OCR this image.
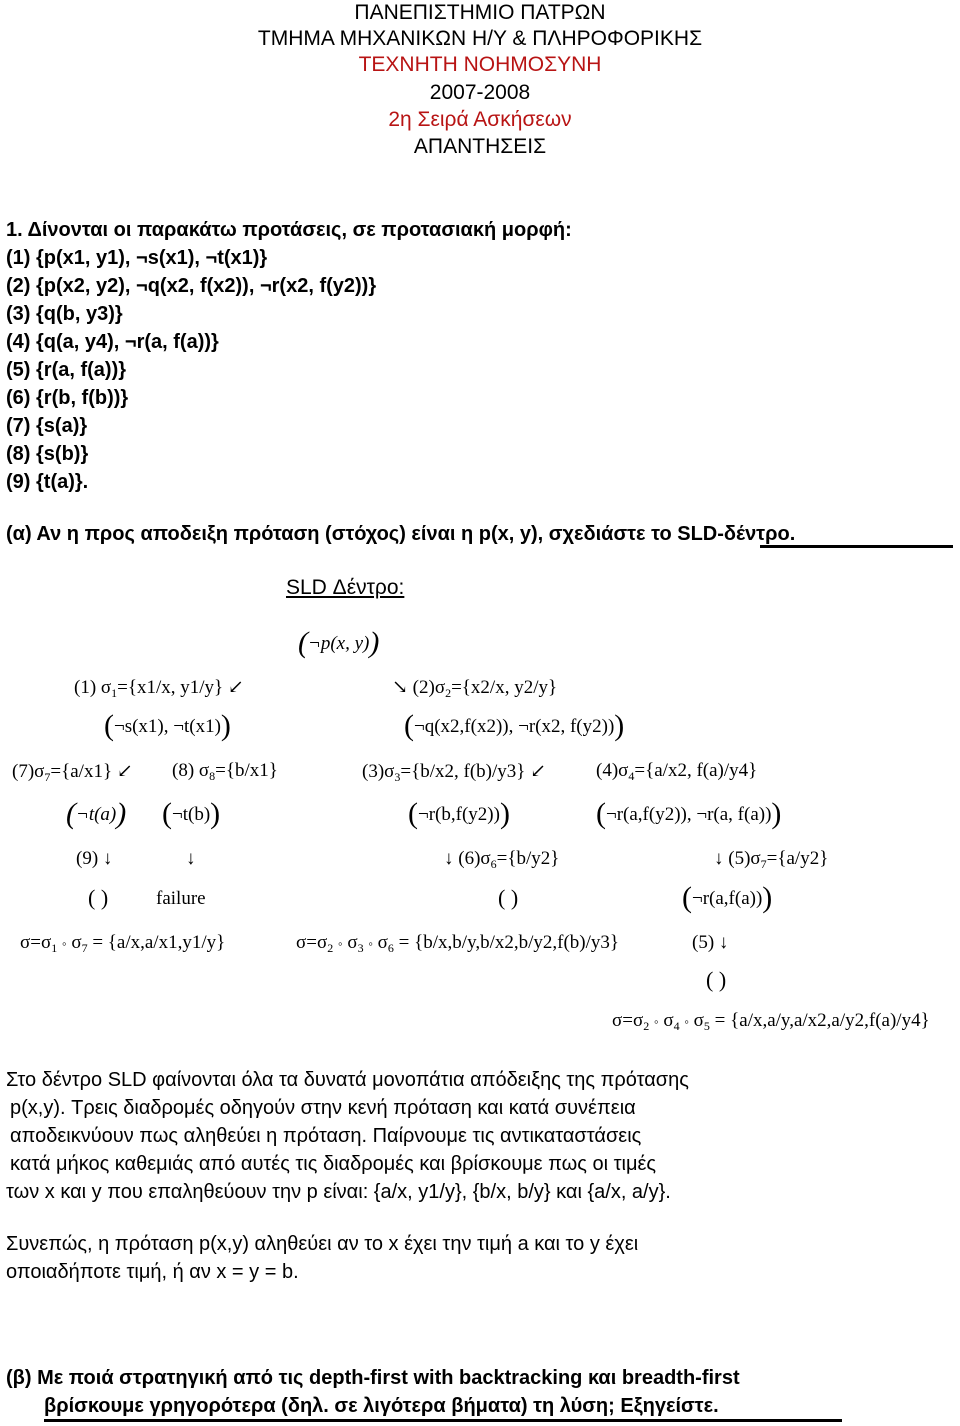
ΠΑΝΕΠΙΣΤΗΜΙΟ ΠΑΤΡΩΝ
ΤΜΗΜΑ ΜΗΧΑΝΙΚΩΝ Η/Υ & ΠΛΗΡΟΦΟΡΙΚΗΣ
ΤΕΧΝΗΤΗ ΝΟΗΜΟΣΥΝΗ
2007-2008
2η Σειρά Ασκήσεων
ΑΠΑΝΤΗΣΕΙΣ
1. Δίνονται οι παρακάτω προτάσεις, σε προτασιακή μορφή:
(1) {p(x1, y1), ¬s(x1), ¬t(x1)}
(2) {p(x2, y2), ¬q(x2, f(x2)), ¬r(x2, f(y2))}
(3) {q(b, y3)}
(4) {q(a, y4), ¬r(a, f(a))}
(5) {r(a, f(a))}
(6) {r(b, f(b))}
(7) {s(a)}
(8) {s(b)}
(9) {t(a)}.
(α) Αν η προς αποδειξη πρόταση (στόχος) είναι η p(x, y), σχεδιάστε το SLD-δέντρο.
SLD Δέντρο:
(¬p(x, y))
(1) $\sigma_1=\{x1/x$, y1/y} ↙	↘ $(2)\sigma_2=\{x2/x$, y2/y}
(¬s(x1), ¬t(x1))	(¬q(x2,f(x2)), ¬r(x2, f(y2)))
$(7)\sigma_7=\{a/x1\}$ ↙ (8) $\sigma_8=\{b/x1\}$	$(3)\sigma_3=\{b/x2$, f(b)/y3} ↙	$(4)\sigma_4=\{a/x2$, f(a)/y4}
(¬t(a)) (¬t(b))	(¬r(b,f(y2)))	(¬r(a,f(y2)), ¬r(a, f(a)))
(9) ↓	↓	↓ $(6)\sigma_6=\{b/y2\}$	↓ $(5)\sigma_7=\{a/y2\}$
( )	failure	( )	(¬r(a,f(a)))
$\sigma=\sigma_1$ ◦ $\sigma_7 = \{a/x,a/x1,y1/y\}$	$\sigma=\sigma_2$ ◦ $\sigma_3$ ◦ $\sigma_6 = \{b/x,b/y,b/x2,b/y2,f(b)/y3\}$	(5) ↓
( )
$\sigma=\sigma_2$ ◦ $\sigma_4$ ◦ $\sigma_5 = \{a/x,a/y,a/x2,a/y2,f(a)/y4\}$
Στο δέντρο SLD φαίνονται όλα τα δυνατά μονοπάτια απόδειξης της πρότασης
p(x,y). Τρεις διαδρομές οδηγούν στην κενή πρόταση και κατά συνέπεια
αποδεικνύουν πως αληθεύει η πρόταση. Παίρνουμε τις αντικαταστάσεις
κατά μήκος καθεμιάς από αυτές τις διαδρομές και βρίσκουμε πως οι τιμές
των x και y που επαληθεύουν την p είναι: {a/x, y1/y}, {b/x, b/y} και {a/x, a/y}.
Συνεπώς, η πρόταση p(x,y) αληθεύει αν το x έχει την τιμή a και το y έχει
οποιαδήποτε τιμή, ή αν x = y = b.
(β) Με ποιά στρατηγική από τις depth-first with backtracking και breadth-first
βρίσκουμε γρηγορότερα (δηλ. σε λιγότερα βήματα) τη λύση; Εξηγείστε.
